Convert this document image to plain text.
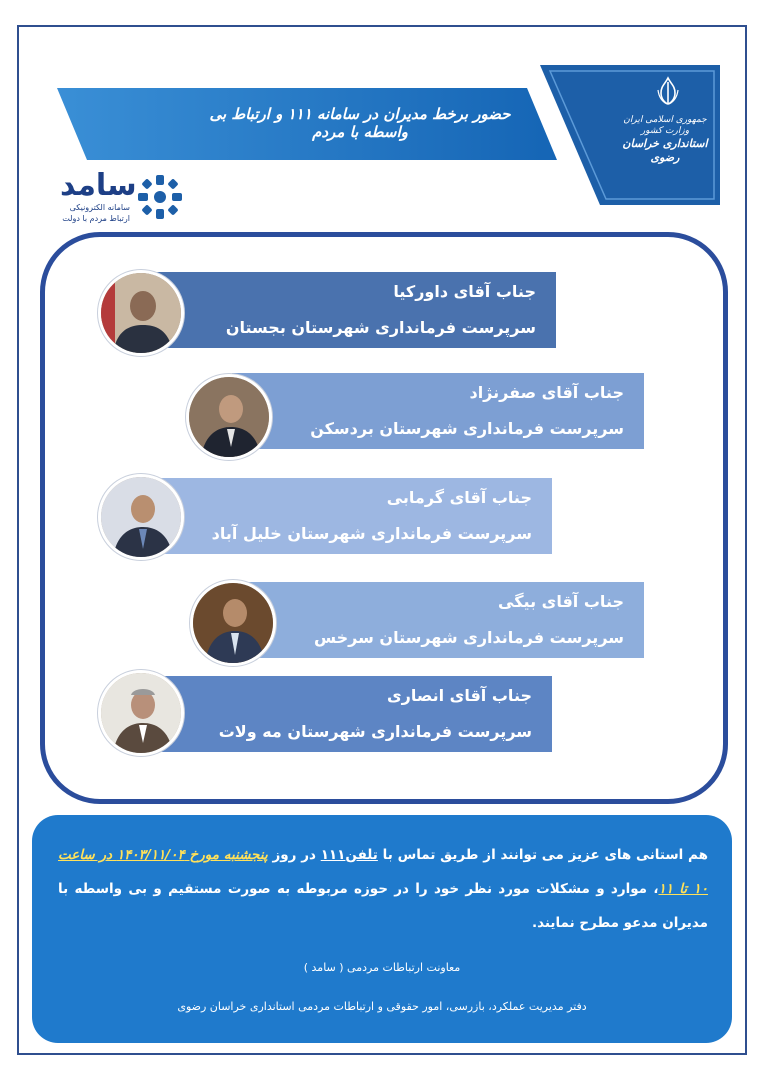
حضور برخط مدیران در سامانه ۱۱۱ و ارتباط بی واسطه با مردم
جمهوری اسلامی ایران
وزارت کشور
استانداری خراسان رضوی
سامد
سامانه الکترونیکی
ارتباط مردم با دولت
جناب آقای داورکیا
سرپرست فرمانداری شهرستان بجستان
جناب آقای صفرنژاد
سرپرست فرمانداری شهرستان بردسکن
جناب آقای گرمابی
سرپرست فرمانداری شهرستان خلیل آباد
جناب آقای بیگی
سرپرست فرمانداری شهرستان سرخس
جناب آقای انصاری
سرپرست فرمانداری شهرستان مه ولات
هم استانی های عزیز می توانند از طریق تماس با تلفن۱۱۱ در روز پنجشنبه مورخ ۱۴۰۳/۱۱/۰۴ در ساعت ۱۰ تا ۱۱، موارد و مشکلات مورد نظر خود را در حوزه مربوطه به صورت مستقیم و بی واسطه با مدیران مدعو مطرح نمایند.
معاونت ارتباطات مردمی ( سامد )
دفتر مدیریت عملکرد، بازرسی، امور حقوقی و ارتباطات مردمی استانداری خراسان رضوی
